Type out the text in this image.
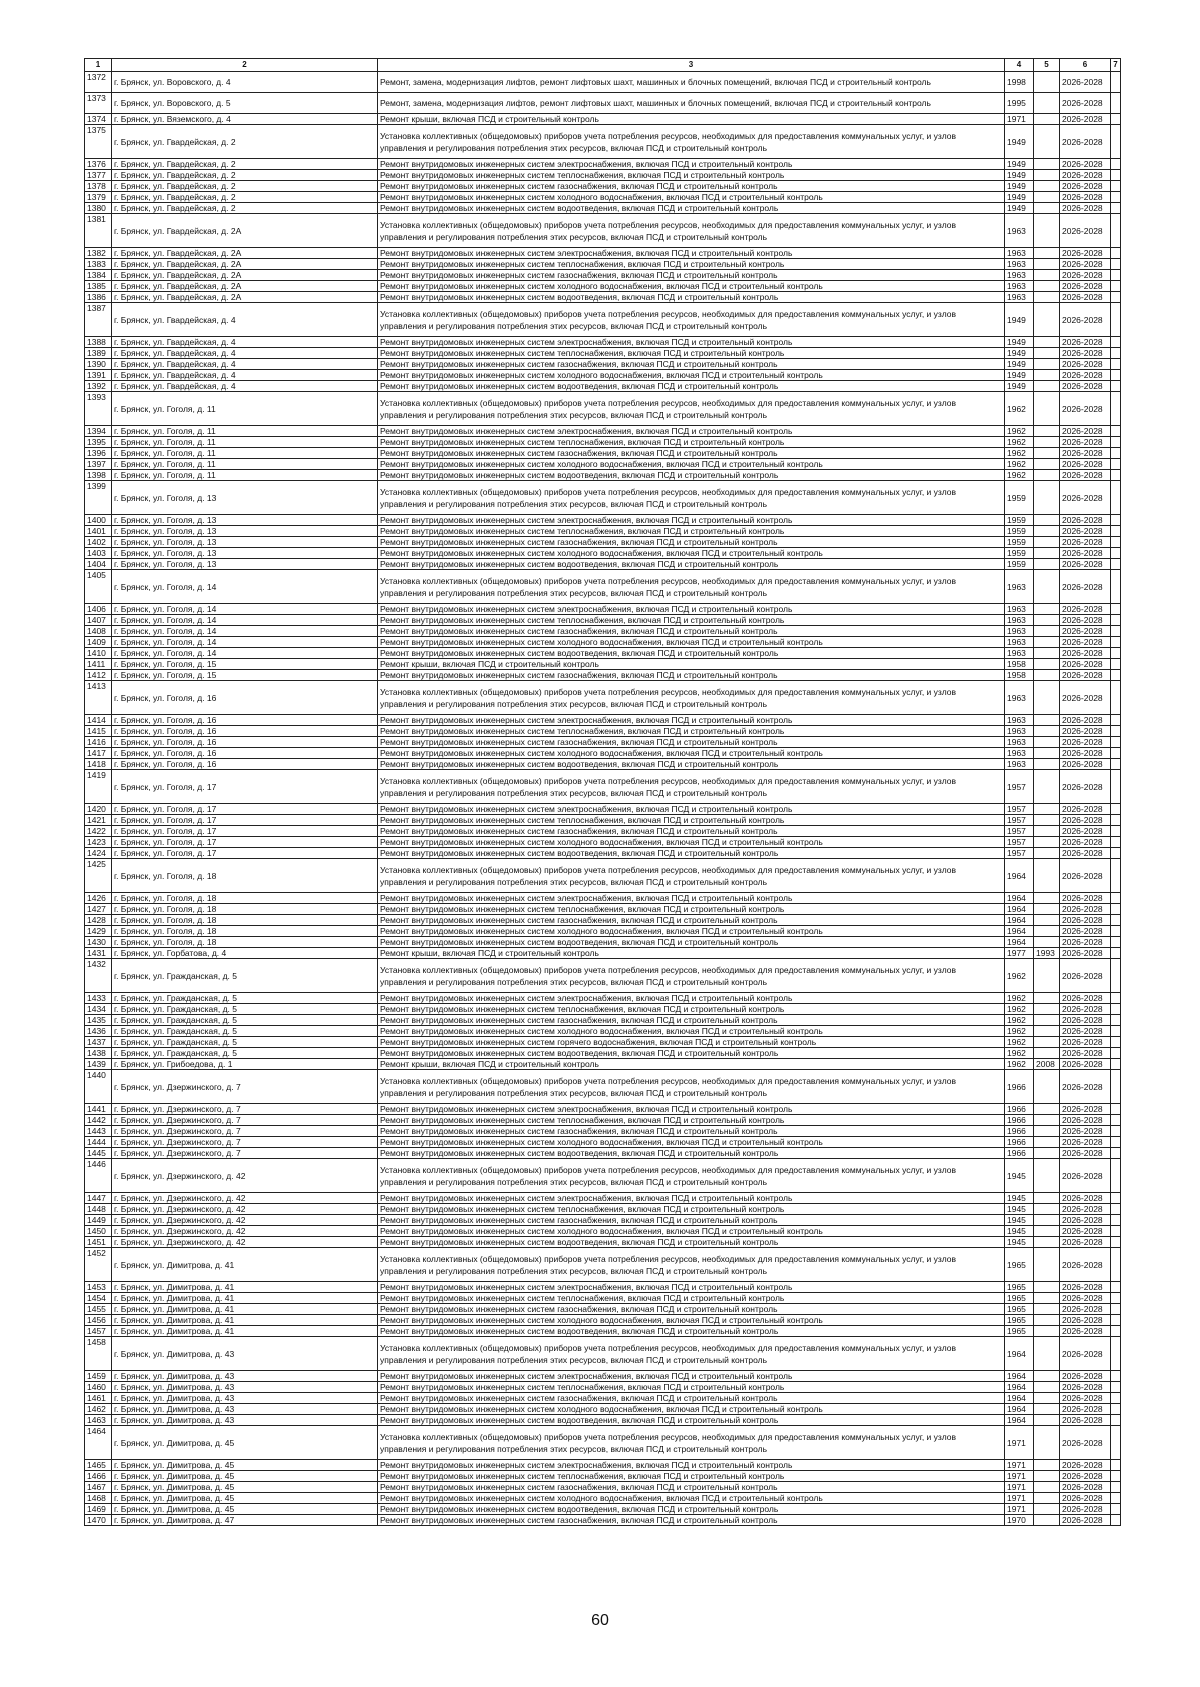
1	2	3	4	5	6	7
1372	г. Брянск, ул. Воровского, д. 4	Ремонт, замена, модернизация лифтов, ремонт лифтовых шахт, машинных и блочных помещений, включая ПСД и строительный контроль	1998		2026-2028	
1373	г. Брянск, ул. Воровского, д. 5	Ремонт, замена, модернизация лифтов, ремонт лифтовых шахт, машинных и блочных помещений, включая ПСД и строительный контроль	1995		2026-2028	
1374	г. Брянск, ул. Вяземского, д. 4	Ремонт крыши, включая ПСД и строительный контроль	1971		2026-2028	
1375	г. Брянск, ул. Гвардейская, д. 2	Установка коллективных (общедомовых) приборов учета потребления ресурсов, необходимых для предоставления коммунальных услуг, и узлов управления и регулирования потребления этих ресурсов, включая ПСД и строительный контроль	1949		2026-2028	
1376	г. Брянск, ул. Гвардейская, д. 2	Ремонт внутридомовых инженерных систем электроснабжения, включая ПСД и строительный контроль	1949		2026-2028	
1377	г. Брянск, ул. Гвардейская, д. 2	Ремонт внутридомовых инженерных систем теплоснабжения, включая ПСД и строительный контроль	1949		2026-2028	
1378	г. Брянск, ул. Гвардейская, д. 2	Ремонт внутридомовых инженерных систем газоснабжения, включая ПСД и строительный контроль	1949		2026-2028	
1379	г. Брянск, ул. Гвардейская, д. 2	Ремонт внутридомовых инженерных систем холодного водоснабжения, включая ПСД и строительный контроль	1949		2026-2028	
1380	г. Брянск, ул. Гвардейская, д. 2	Ремонт внутридомовых инженерных систем водоотведения, включая ПСД и строительный контроль	1949		2026-2028	
1381	г. Брянск, ул. Гвардейская, д. 2А	Установка коллективных (общедомовых) приборов учета потребления ресурсов, необходимых для предоставления коммунальных услуг, и узлов управления и регулирования потребления этих ресурсов, включая ПСД и строительный контроль	1963		2026-2028	
1382	г. Брянск, ул. Гвардейская, д. 2А	Ремонт внутридомовых инженерных систем электроснабжения, включая ПСД и строительный контроль	1963		2026-2028	
1383	г. Брянск, ул. Гвардейская, д. 2А	Ремонт внутридомовых инженерных систем теплоснабжения, включая ПСД и строительный контроль	1963		2026-2028	
1384	г. Брянск, ул. Гвардейская, д. 2А	Ремонт внутридомовых инженерных систем газоснабжения, включая ПСД и строительный контроль	1963		2026-2028	
1385	г. Брянск, ул. Гвардейская, д. 2А	Ремонт внутридомовых инженерных систем холодного водоснабжения, включая ПСД и строительный контроль	1963		2026-2028	
1386	г. Брянск, ул. Гвардейская, д. 2А	Ремонт внутридомовых инженерных систем водоотведения, включая ПСД и строительный контроль	1963		2026-2028	
1387	г. Брянск, ул. Гвардейская, д. 4	Установка коллективных (общедомовых) приборов учета потребления ресурсов, необходимых для предоставления коммунальных услуг, и узлов управления и регулирования потребления этих ресурсов, включая ПСД и строительный контроль	1949		2026-2028	
1388	г. Брянск, ул. Гвардейская, д. 4	Ремонт внутридомовых инженерных систем электроснабжения, включая ПСД и строительный контроль	1949		2026-2028	
1389	г. Брянск, ул. Гвардейская, д. 4	Ремонт внутридомовых инженерных систем теплоснабжения, включая ПСД и строительный контроль	1949		2026-2028	
1390	г. Брянск, ул. Гвардейская, д. 4	Ремонт внутридомовых инженерных систем газоснабжения, включая ПСД и строительный контроль	1949		2026-2028	
1391	г. Брянск, ул. Гвардейская, д. 4	Ремонт внутридомовых инженерных систем холодного водоснабжения, включая ПСД и строительный контроль	1949		2026-2028	
1392	г. Брянск, ул. Гвардейская, д. 4	Ремонт внутридомовых инженерных систем водоотведения, включая ПСД и строительный контроль	1949		2026-2028	
1393	г. Брянск, ул. Гоголя, д. 11	Установка коллективных (общедомовых) приборов учета потребления ресурсов, необходимых для предоставления коммунальных услуг, и узлов управления и регулирования потребления этих ресурсов, включая ПСД и строительный контроль	1962		2026-2028	
1394	г. Брянск, ул. Гоголя, д. 11	Ремонт внутридомовых инженерных систем электроснабжения, включая ПСД и строительный контроль	1962		2026-2028	
1395	г. Брянск, ул. Гоголя, д. 11	Ремонт внутридомовых инженерных систем теплоснабжения, включая ПСД и строительный контроль	1962		2026-2028	
1396	г. Брянск, ул. Гоголя, д. 11	Ремонт внутридомовых инженерных систем газоснабжения, включая ПСД и строительный контроль	1962		2026-2028	
1397	г. Брянск, ул. Гоголя, д. 11	Ремонт внутридомовых инженерных систем холодного водоснабжения, включая ПСД и строительный контроль	1962		2026-2028	
1398	г. Брянск, ул. Гоголя, д. 11	Ремонт внутридомовых инженерных систем водоотведения, включая ПСД и строительный контроль	1962		2026-2028	
1399	г. Брянск, ул. Гоголя, д. 13	Установка коллективных (общедомовых) приборов учета потребления ресурсов, необходимых для предоставления коммунальных услуг, и узлов управления и регулирования потребления этих ресурсов, включая ПСД и строительный контроль	1959		2026-2028	
1400	г. Брянск, ул. Гоголя, д. 13	Ремонт внутридомовых инженерных систем электроснабжения, включая ПСД и строительный контроль	1959		2026-2028	
1401	г. Брянск, ул. Гоголя, д. 13	Ремонт внутридомовых инженерных систем теплоснабжения, включая ПСД и строительный контроль	1959		2026-2028	
1402	г. Брянск, ул. Гоголя, д. 13	Ремонт внутридомовых инженерных систем газоснабжения, включая ПСД и строительный контроль	1959		2026-2028	
1403	г. Брянск, ул. Гоголя, д. 13	Ремонт внутридомовых инженерных систем холодного водоснабжения, включая ПСД и строительный контроль	1959		2026-2028	
1404	г. Брянск, ул. Гоголя, д. 13	Ремонт внутридомовых инженерных систем водоотведения, включая ПСД и строительный контроль	1959		2026-2028	
1405	г. Брянск, ул. Гоголя, д. 14	Установка коллективных (общедомовых) приборов учета потребления ресурсов, необходимых для предоставления коммунальных услуг, и узлов управления и регулирования потребления этих ресурсов, включая ПСД и строительный контроль	1963		2026-2028	
1406	г. Брянск, ул. Гоголя, д. 14	Ремонт внутридомовых инженерных систем электроснабжения, включая ПСД и строительный контроль	1963		2026-2028	
1407	г. Брянск, ул. Гоголя, д. 14	Ремонт внутридомовых инженерных систем теплоснабжения, включая ПСД и строительный контроль	1963		2026-2028	
1408	г. Брянск, ул. Гоголя, д. 14	Ремонт внутридомовых инженерных систем газоснабжения, включая ПСД и строительный контроль	1963		2026-2028	
1409	г. Брянск, ул. Гоголя, д. 14	Ремонт внутридомовых инженерных систем холодного водоснабжения, включая ПСД и строительный контроль	1963		2026-2028	
1410	г. Брянск, ул. Гоголя, д. 14	Ремонт внутридомовых инженерных систем водоотведения, включая ПСД и строительный контроль	1963		2026-2028	
1411	г. Брянск, ул. Гоголя, д. 15	Ремонт крыши, включая ПСД и строительный контроль	1958		2026-2028	
1412	г. Брянск, ул. Гоголя, д. 15	Ремонт внутридомовых инженерных систем газоснабжения, включая ПСД и строительный контроль	1958		2026-2028	
1413	г. Брянск, ул. Гоголя, д. 16	Установка коллективных (общедомовых) приборов учета потребления ресурсов, необходимых для предоставления коммунальных услуг, и узлов управления и регулирования потребления этих ресурсов, включая ПСД и строительный контроль	1963		2026-2028	
1414	г. Брянск, ул. Гоголя, д. 16	Ремонт внутридомовых инженерных систем электроснабжения, включая ПСД и строительный контроль	1963		2026-2028	
1415	г. Брянск, ул. Гоголя, д. 16	Ремонт внутридомовых инженерных систем теплоснабжения, включая ПСД и строительный контроль	1963		2026-2028	
1416	г. Брянск, ул. Гоголя, д. 16	Ремонт внутридомовых инженерных систем газоснабжения, включая ПСД и строительный контроль	1963		2026-2028	
1417	г. Брянск, ул. Гоголя, д. 16	Ремонт внутридомовых инженерных систем холодного водоснабжения, включая ПСД и строительный контроль	1963		2026-2028	
1418	г. Брянск, ул. Гоголя, д. 16	Ремонт внутридомовых инженерных систем водоотведения, включая ПСД и строительный контроль	1963		2026-2028	
1419	г. Брянск, ул. Гоголя, д. 17	Установка коллективных (общедомовых) приборов учета потребления ресурсов, необходимых для предоставления коммунальных услуг, и узлов управления и регулирования потребления этих ресурсов, включая ПСД и строительный контроль	1957		2026-2028	
1420	г. Брянск, ул. Гоголя, д. 17	Ремонт внутридомовых инженерных систем электроснабжения, включая ПСД и строительный контроль	1957		2026-2028	
1421	г. Брянск, ул. Гоголя, д. 17	Ремонт внутридомовых инженерных систем теплоснабжения, включая ПСД и строительный контроль	1957		2026-2028	
1422	г. Брянск, ул. Гоголя, д. 17	Ремонт внутридомовых инженерных систем газоснабжения, включая ПСД и строительный контроль	1957		2026-2028	
1423	г. Брянск, ул. Гоголя, д. 17	Ремонт внутридомовых инженерных систем холодного водоснабжения, включая ПСД и строительный контроль	1957		2026-2028	
1424	г. Брянск, ул. Гоголя, д. 17	Ремонт внутридомовых инженерных систем водоотведения, включая ПСД и строительный контроль	1957		2026-2028	
1425	г. Брянск, ул. Гоголя, д. 18	Установка коллективных (общедомовых) приборов учета потребления ресурсов, необходимых для предоставления коммунальных услуг, и узлов управления и регулирования потребления этих ресурсов, включая ПСД и строительный контроль	1964		2026-2028	
1426	г. Брянск, ул. Гоголя, д. 18	Ремонт внутридомовых инженерных систем электроснабжения, включая ПСД и строительный контроль	1964		2026-2028	
1427	г. Брянск, ул. Гоголя, д. 18	Ремонт внутридомовых инженерных систем теплоснабжения, включая ПСД и строительный контроль	1964		2026-2028	
1428	г. Брянск, ул. Гоголя, д. 18	Ремонт внутридомовых инженерных систем газоснабжения, включая ПСД и строительный контроль	1964		2026-2028	
1429	г. Брянск, ул. Гоголя, д. 18	Ремонт внутридомовых инженерных систем холодного водоснабжения, включая ПСД и строительный контроль	1964		2026-2028	
1430	г. Брянск, ул. Гоголя, д. 18	Ремонт внутридомовых инженерных систем водоотведения, включая ПСД и строительный контроль	1964		2026-2028	
1431	г. Брянск, ул. Горбатова, д. 4	Ремонт крыши, включая ПСД и строительный контроль	1977	1993	2026-2028	
1432	г. Брянск, ул. Гражданская, д. 5	Установка коллективных (общедомовых) приборов учета потребления ресурсов, необходимых для предоставления коммунальных услуг, и узлов управления и регулирования потребления этих ресурсов, включая ПСД и строительный контроль	1962		2026-2028	
1433	г. Брянск, ул. Гражданская, д. 5	Ремонт внутридомовых инженерных систем электроснабжения, включая ПСД и строительный контроль	1962		2026-2028	
1434	г. Брянск, ул. Гражданская, д. 5	Ремонт внутридомовых инженерных систем теплоснабжения, включая ПСД и строительный контроль	1962		2026-2028	
1435	г. Брянск, ул. Гражданская, д. 5	Ремонт внутридомовых инженерных систем газоснабжения, включая ПСД и строительный контроль	1962		2026-2028	
1436	г. Брянск, ул. Гражданская, д. 5	Ремонт внутридомовых инженерных систем холодного водоснабжения, включая ПСД и строительный контроль	1962		2026-2028	
1437	г. Брянск, ул. Гражданская, д. 5	Ремонт внутридомовых инженерных систем горячего водоснабжения, включая ПСД и строительный контроль	1962		2026-2028	
1438	г. Брянск, ул. Гражданская, д. 5	Ремонт внутридомовых инженерных систем водоотведения, включая ПСД и строительный контроль	1962		2026-2028	
1439	г. Брянск, ул. Грибоедова, д. 1	Ремонт крыши, включая ПСД и строительный контроль	1962	2008	2026-2028	
1440	г. Брянск, ул. Дзержинского, д. 7	Установка коллективных (общедомовых) приборов учета потребления ресурсов, необходимых для предоставления коммунальных услуг, и узлов управления и регулирования потребления этих ресурсов, включая ПСД и строительный контроль	1966		2026-2028	
1441	г. Брянск, ул. Дзержинского, д. 7	Ремонт внутридомовых инженерных систем электроснабжения, включая ПСД и строительный контроль	1966		2026-2028	
1442	г. Брянск, ул. Дзержинского, д. 7	Ремонт внутридомовых инженерных систем теплоснабжения, включая ПСД и строительный контроль	1966		2026-2028	
1443	г. Брянск, ул. Дзержинского, д. 7	Ремонт внутридомовых инженерных систем газоснабжения, включая ПСД и строительный контроль	1966		2026-2028	
1444	г. Брянск, ул. Дзержинского, д. 7	Ремонт внутридомовых инженерных систем холодного водоснабжения, включая ПСД и строительный контроль	1966		2026-2028	
1445	г. Брянск, ул. Дзержинского, д. 7	Ремонт внутридомовых инженерных систем водоотведения, включая ПСД и строительный контроль	1966		2026-2028	
1446	г. Брянск, ул. Дзержинского, д. 42	Установка коллективных (общедомовых) приборов учета потребления ресурсов, необходимых для предоставления коммунальных услуг, и узлов управления и регулирования потребления этих ресурсов, включая ПСД и строительный контроль	1945		2026-2028	
1447	г. Брянск, ул. Дзержинского, д. 42	Ремонт внутридомовых инженерных систем электроснабжения, включая ПСД и строительный контроль	1945		2026-2028	
1448	г. Брянск, ул. Дзержинского, д. 42	Ремонт внутридомовых инженерных систем теплоснабжения, включая ПСД и строительный контроль	1945		2026-2028	
1449	г. Брянск, ул. Дзержинского, д. 42	Ремонт внутридомовых инженерных систем газоснабжения, включая ПСД и строительный контроль	1945		2026-2028	
1450	г. Брянск, ул. Дзержинского, д. 42	Ремонт внутридомовых инженерных систем холодного водоснабжения, включая ПСД и строительный контроль	1945		2026-2028	
1451	г. Брянск, ул. Дзержинского, д. 42	Ремонт внутридомовых инженерных систем водоотведения, включая ПСД и строительный контроль	1945		2026-2028	
1452	г. Брянск, ул. Димитрова, д. 41	Установка коллективных (общедомовых) приборов учета потребления ресурсов, необходимых для предоставления коммунальных услуг, и узлов управления и регулирования потребления этих ресурсов, включая ПСД и строительный контроль	1965		2026-2028	
1453	г. Брянск, ул. Димитрова, д. 41	Ремонт внутридомовых инженерных систем электроснабжения, включая ПСД и строительный контроль	1965		2026-2028	
1454	г. Брянск, ул. Димитрова, д. 41	Ремонт внутридомовых инженерных систем теплоснабжения, включая ПСД и строительный контроль	1965		2026-2028	
1455	г. Брянск, ул. Димитрова, д. 41	Ремонт внутридомовых инженерных систем газоснабжения, включая ПСД и строительный контроль	1965		2026-2028	
1456	г. Брянск, ул. Димитрова, д. 41	Ремонт внутридомовых инженерных систем холодного водоснабжения, включая ПСД и строительный контроль	1965		2026-2028	
1457	г. Брянск, ул. Димитрова, д. 41	Ремонт внутридомовых инженерных систем водоотведения, включая ПСД и строительный контроль	1965		2026-2028	
1458	г. Брянск, ул. Димитрова, д. 43	Установка коллективных (общедомовых) приборов учета потребления ресурсов, необходимых для предоставления коммунальных услуг, и узлов управления и регулирования потребления этих ресурсов, включая ПСД и строительный контроль	1964		2026-2028	
1459	г. Брянск, ул. Димитрова, д. 43	Ремонт внутридомовых инженерных систем электроснабжения, включая ПСД и строительный контроль	1964		2026-2028	
1460	г. Брянск, ул. Димитрова, д. 43	Ремонт внутридомовых инженерных систем теплоснабжения, включая ПСД и строительный контроль	1964		2026-2028	
1461	г. Брянск, ул. Димитрова, д. 43	Ремонт внутридомовых инженерных систем газоснабжения, включая ПСД и строительный контроль	1964		2026-2028	
1462	г. Брянск, ул. Димитрова, д. 43	Ремонт внутридомовых инженерных систем холодного водоснабжения, включая ПСД и строительный контроль	1964		2026-2028	
1463	г. Брянск, ул. Димитрова, д. 43	Ремонт внутридомовых инженерных систем водоотведения, включая ПСД и строительный контроль	1964		2026-2028	
1464	г. Брянск, ул. Димитрова, д. 45	Установка коллективных (общедомовых) приборов учета потребления ресурсов, необходимых для предоставления коммунальных услуг, и узлов управления и регулирования потребления этих ресурсов, включая ПСД и строительный контроль	1971		2026-2028	
1465	г. Брянск, ул. Димитрова, д. 45	Ремонт внутридомовых инженерных систем электроснабжения, включая ПСД и строительный контроль	1971		2026-2028	
1466	г. Брянск, ул. Димитрова, д. 45	Ремонт внутридомовых инженерных систем теплоснабжения, включая ПСД и строительный контроль	1971		2026-2028	
1467	г. Брянск, ул. Димитрова, д. 45	Ремонт внутридомовых инженерных систем газоснабжения, включая ПСД и строительный контроль	1971		2026-2028	
1468	г. Брянск, ул. Димитрова, д. 45	Ремонт внутридомовых инженерных систем холодного водоснабжения, включая ПСД и строительный контроль	1971		2026-2028	
1469	г. Брянск, ул. Димитрова, д. 45	Ремонт внутридомовых инженерных систем водоотведения, включая ПСД и строительный контроль	1971		2026-2028	
1470	г. Брянск, ул. Димитрова, д. 47	Ремонт внутридомовых инженерных систем газоснабжения, включая ПСД и строительный контроль	1970		2026-2028	
60
